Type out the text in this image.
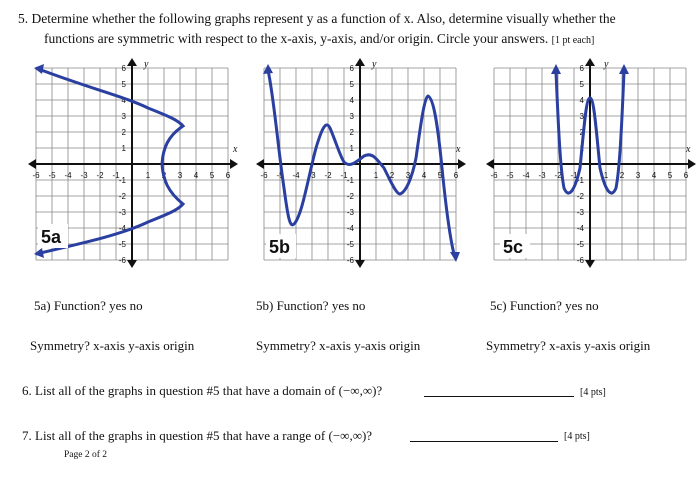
5. Determine whether the following graphs represent y as a function of x. Also, determine visually whether the
functions are symmetric with respect to the x-axis, y-axis, and/or origin. Circle your answers. [1 pt each]
x
y
-6 -5 -4 -3 -2 -1	1 2 3 4 5 6
6
5
4
3
2
1
-1
-2
-3
-4
-5
-6
5a
x
y
-6 -5 -4 -3 -2 -1	1 2 3 4 5 6
6
5
4
3
2
1
-1
-2
-3
-4
-5
-6
5b
x
y
-6 -5 -4 -3 -2 -1	1 2 3 4 5 6
6
5
4
3
2
1
-1
-2
-3
-4
-5
-6
5c
5a) Function? yes no	5b) Function? yes no	5c) Function? yes no
Symmetry? x-axis y-axis origin	Symmetry? x-axis y-axis origin	Symmetry? x-axis y-axis origin
6. List all of the graphs in question #5 that have a domain of (−∞,∞)?	[4 pts]
7. List all of the graphs in question #5 that have a range of (−∞,∞)?	[4 pts]
Page 2 of 2
